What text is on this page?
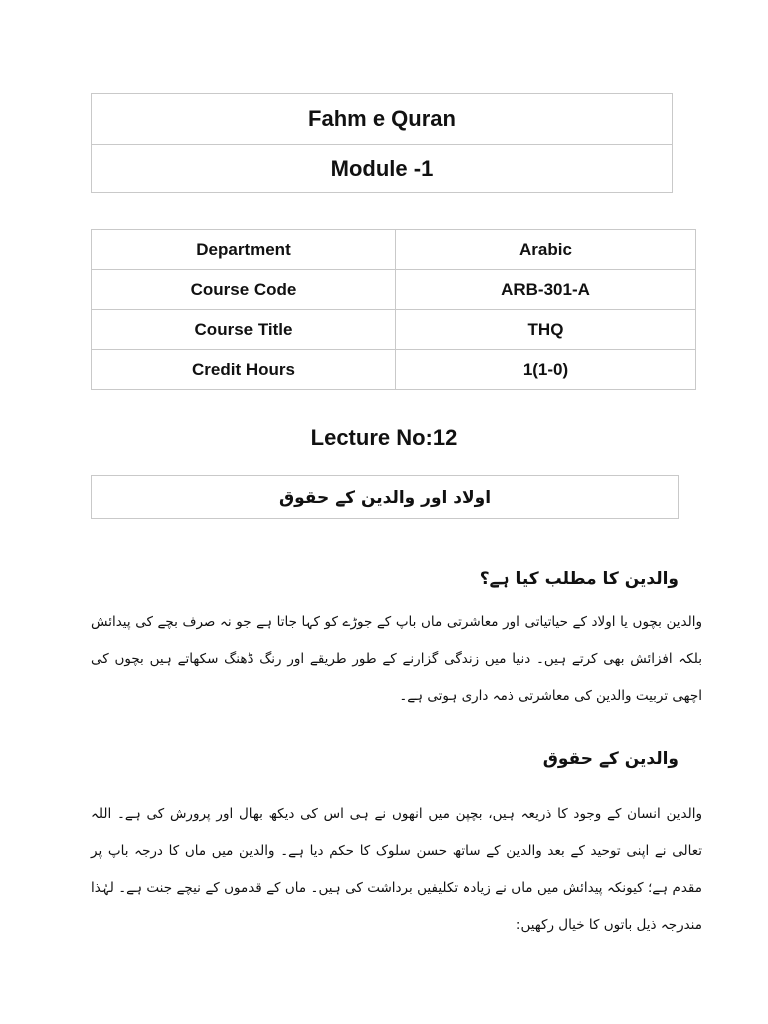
Fahm e Quran
Module -1
Department	Arabic
Course Code	ARB-301-A
Course Title	THQ
Credit Hours	1(1-0)
Lecture No:12
اولاد اور والدین کے حقوق
والدین کا مطلب کیا ہے؟
والدین بچوں یا اولاد کے حیاتیاتی اور معاشرتی ماں باپ کے جوڑے کو کہا جاتا ہے جو نہ صرف بچے کی پیدائش بلکہ افزائش بھی کرتے ہیں۔ دنیا میں زندگی گزارنے کے طور طریقے اور رنگ ڈھنگ سکھاتے ہیں بچوں کی اچھی تربیت والدین کی معاشرتی ذمہ داری ہوتی ہے۔
والدین کے حقوق
والدین انسان کے وجود کا ذریعہ ہیں، بچپن میں انھوں نے ہی اس کی دیکھ بھال اور پرورش کی ہے۔ اللہ تعالی نے اپنی توحید کے بعد والدین کے ساتھ حسن سلوک کا حکم دیا ہے۔ والدین میں ماں کا درجہ باپ پر مقدم ہے؛ کیونکہ پیدائش میں ماں نے زیادہ تکلیفیں برداشت کی ہیں۔ ماں کے قدموں کے نیچے جنت ہے۔ لہٰذا مندرجہ ذیل باتوں کا خیال رکھیں:
